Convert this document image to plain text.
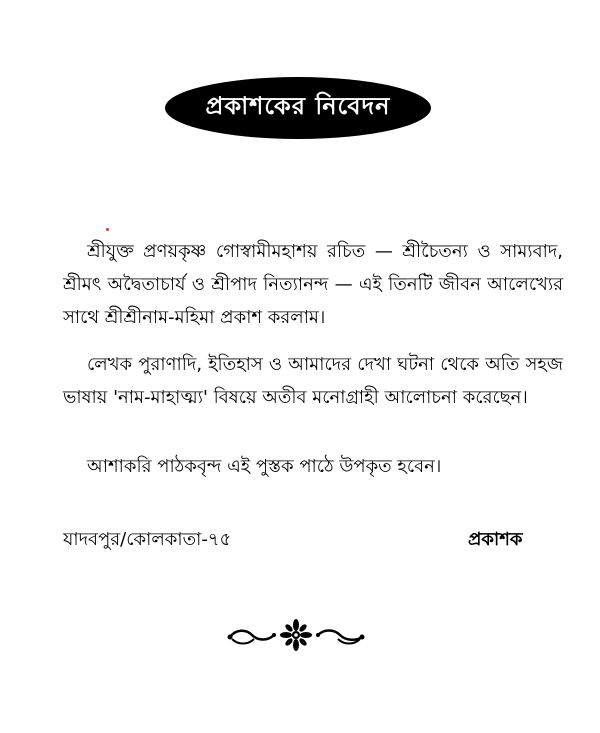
প্রকাশকের নিবেদন

শ্রীযুক্ত প্রণয়কৃষ্ণ গোস্বামীমহাশয় রচিত — শ্রীচৈতন্য ও সাম্যবাদ, শ্রীমৎ অদ্বৈতাচার্য ও শ্রীপাদ নিত্যানন্দ — এই তিনটি জীবন আলেখ্যের সাথে শ্রীশ্রীনাম-মহিমা প্রকাশ করলাম।

লেখক পুরাণাদি, ইতিহাস ও আমাদের দেখা ঘটনা থেকে অতি সহজ ভাষায় 'নাম-মাহাত্ম্য' বিষয়ে অতীব মনোগ্রাহী আলোচনা করেছেন।

আশাকরি পাঠকবৃন্দ এই পুস্তক পাঠে উপকৃত হবেন।

যাদবপুর/কোলকাতা-৭৫	প্রকাশক
